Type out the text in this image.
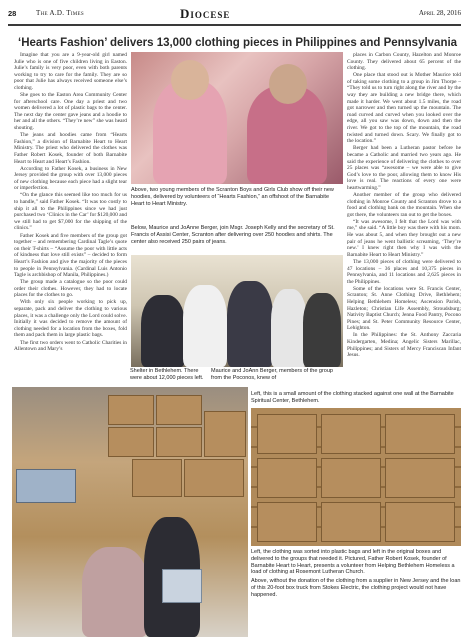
28	The A.D. Times	Diocese	April 28, 2016
‘Hearts Fashion’ delivers 13,000 clothing pieces in Philippines and Pennsylvania

Imagine that you are a 9-year-old girl named Julie who is one of five children living in Easton. Julie’s family is very poor, even with both parents working to try to care for the family. They are so poor that Julie has always received someone else’s clothing.

She goes to the Easton Area Community Center for afterschool care. One day a priest and two women delivered a lot of plastic bags to the center. The next day the center gave jeans and a hoodie to her and all the others. “They’re new” she was heard shouting.

The jeans and hoodies came from “Hearts Fashion,” a division of Barnabite Heart to Heart Ministry. The priest who delivered the clothes was Father Robert Kosek, founder of both Barnabite Heart to Heart and Heart’s Fashion.

According to Father Kosek, a business in New Jersey provided the group with over 13,000 pieces of new clothing because each piece had a slight tear or imperfection.

“On the glance this seemed like too much for us to handle,” said Father Kosek. “It was too costly to ship it all to the Philippines since we had just purchased two ‘Clinics in the Car’ for $120,000 and we still had to get $7,000 for the shipping of the clinics.”

Father Kosek and five members of the group got together – and remembering Cardinal Tagle’s quote on their T-shirts – “Assume the poor with little acts of kindness that love still exists” – decided to form Heart’s Fashion and give the majority of the pieces to people in Pennsylvania. (Cardinal Luis Antonio Tagle is archbishop of Manila, Philippines.)

The group made a catalogue so the poor could order their clothes. However, they had to locate places for the clothes to go.

With only six people working to pick up, separate, pack and deliver the clothing to various places, it was a challenge only the Lord could solve. Initially it was decided to remove the amount of clothing needed for a location from the boxes, fold them and pack them in large plastic bags.

The first two orders went to Catholic Charities in Allentown and Mary’s

Above, two young members of the Scranton Boys and Girls Club show off their new hoodies, delivered by volunteers of “Hearts Fashion,” an offshoot of the Barnabite Heart to Heart Ministry.
Below, Maurice and JoAnne Berger, join Msgr. Joseph Kelly and the secretary of St. Francis of Assisi Center, Scranton after delivering over 250 hoodies and shirts. The center also received 250 pairs of jeans.
Shelter in Bethlehem. There were about 12,000 pieces left.
Maurice and JoAnn Berger, members of the group from the Poconos, knew of

places in Carbon County, Hazelton and Monroe County. They delivered about 65 percent of the clothing.

One place that stood out is Mother Maurice told of taking some clothing to a group in Jim Thorpe – “They told us to turn right along the river and by the way they are building a new bridge there, which made it harder. We went about 1.5 miles, the road got narrower and then turned up the mountain. The road curved and curved when you looked over the edge, all you saw was down, down and then the river. We got to the top of the mountain, the road twisted and turned down. Scary. We finally got to the location.”

Berger had been a Lutheran pastor before he became a Catholic and married two years ago. He said the experience of delivering the clothes to over 25 places was “awesome – we were able to give God’s love to the poor, allowing them to know His love is real. The reactions of every one were heartwarming.”

Another member of the group who delivered clothing in Monroe County and Scranton drove to a food and clothing bank on the mountain. When she got there, the volunteers ran out to get the boxes.

“It was awesome, I felt that the Lord was with me,” she said. “A little boy was there with his mom. He was about 5, and when they brought out a new pair of jeans he went ballistic screaming, ‘They’re new.’ I knew right then why I was with the Barnabite Heart to Heart Ministry.”

The 13,000 pieces of clothing were delivered to 47 locations – 36 places and 10,375 pieces in Pennsylvania, and 11 locations and 2,625 pieces in the Philippines.

Some of the locations were St. Francis Center, Scranton; St. Anne Clothing Drive, Bethlehem; Helping Bethlehem Homeless; Ascension Parish, Hazleton; Christian Life Assembly, Stroudsburg; Nativity Baptist Church; Jenna Food Pantry, Pocono Pines; and St. Peter Community Resource Center, Lehighton.

In the Philippines: the St. Anthony Zaccaria Kindergarten, Medina; Angelic Sisters Marillac, Philippines; and Sisters of Mercy Franciscan Infant Jesus.

Left, this is a small amount of the clothing stacked against one wall at the Barnabite Spiritual Center, Bethlehem.

Left, the clothing was sorted into plastic bags and left in the original boxes and delivered to the groups that needed it. Pictured, Father Robert Kosek, founder of Barnabite Heart to Heart, presents a volunteer from Helping Bethlehem Homeless a load of clothing at Rosemont Lutheran Church.

Above, without the donation of the clothing from a supplier in New Jersey and the loan of this 20-foot box truck from Stokes Electric, the clothing project would not have happened.
